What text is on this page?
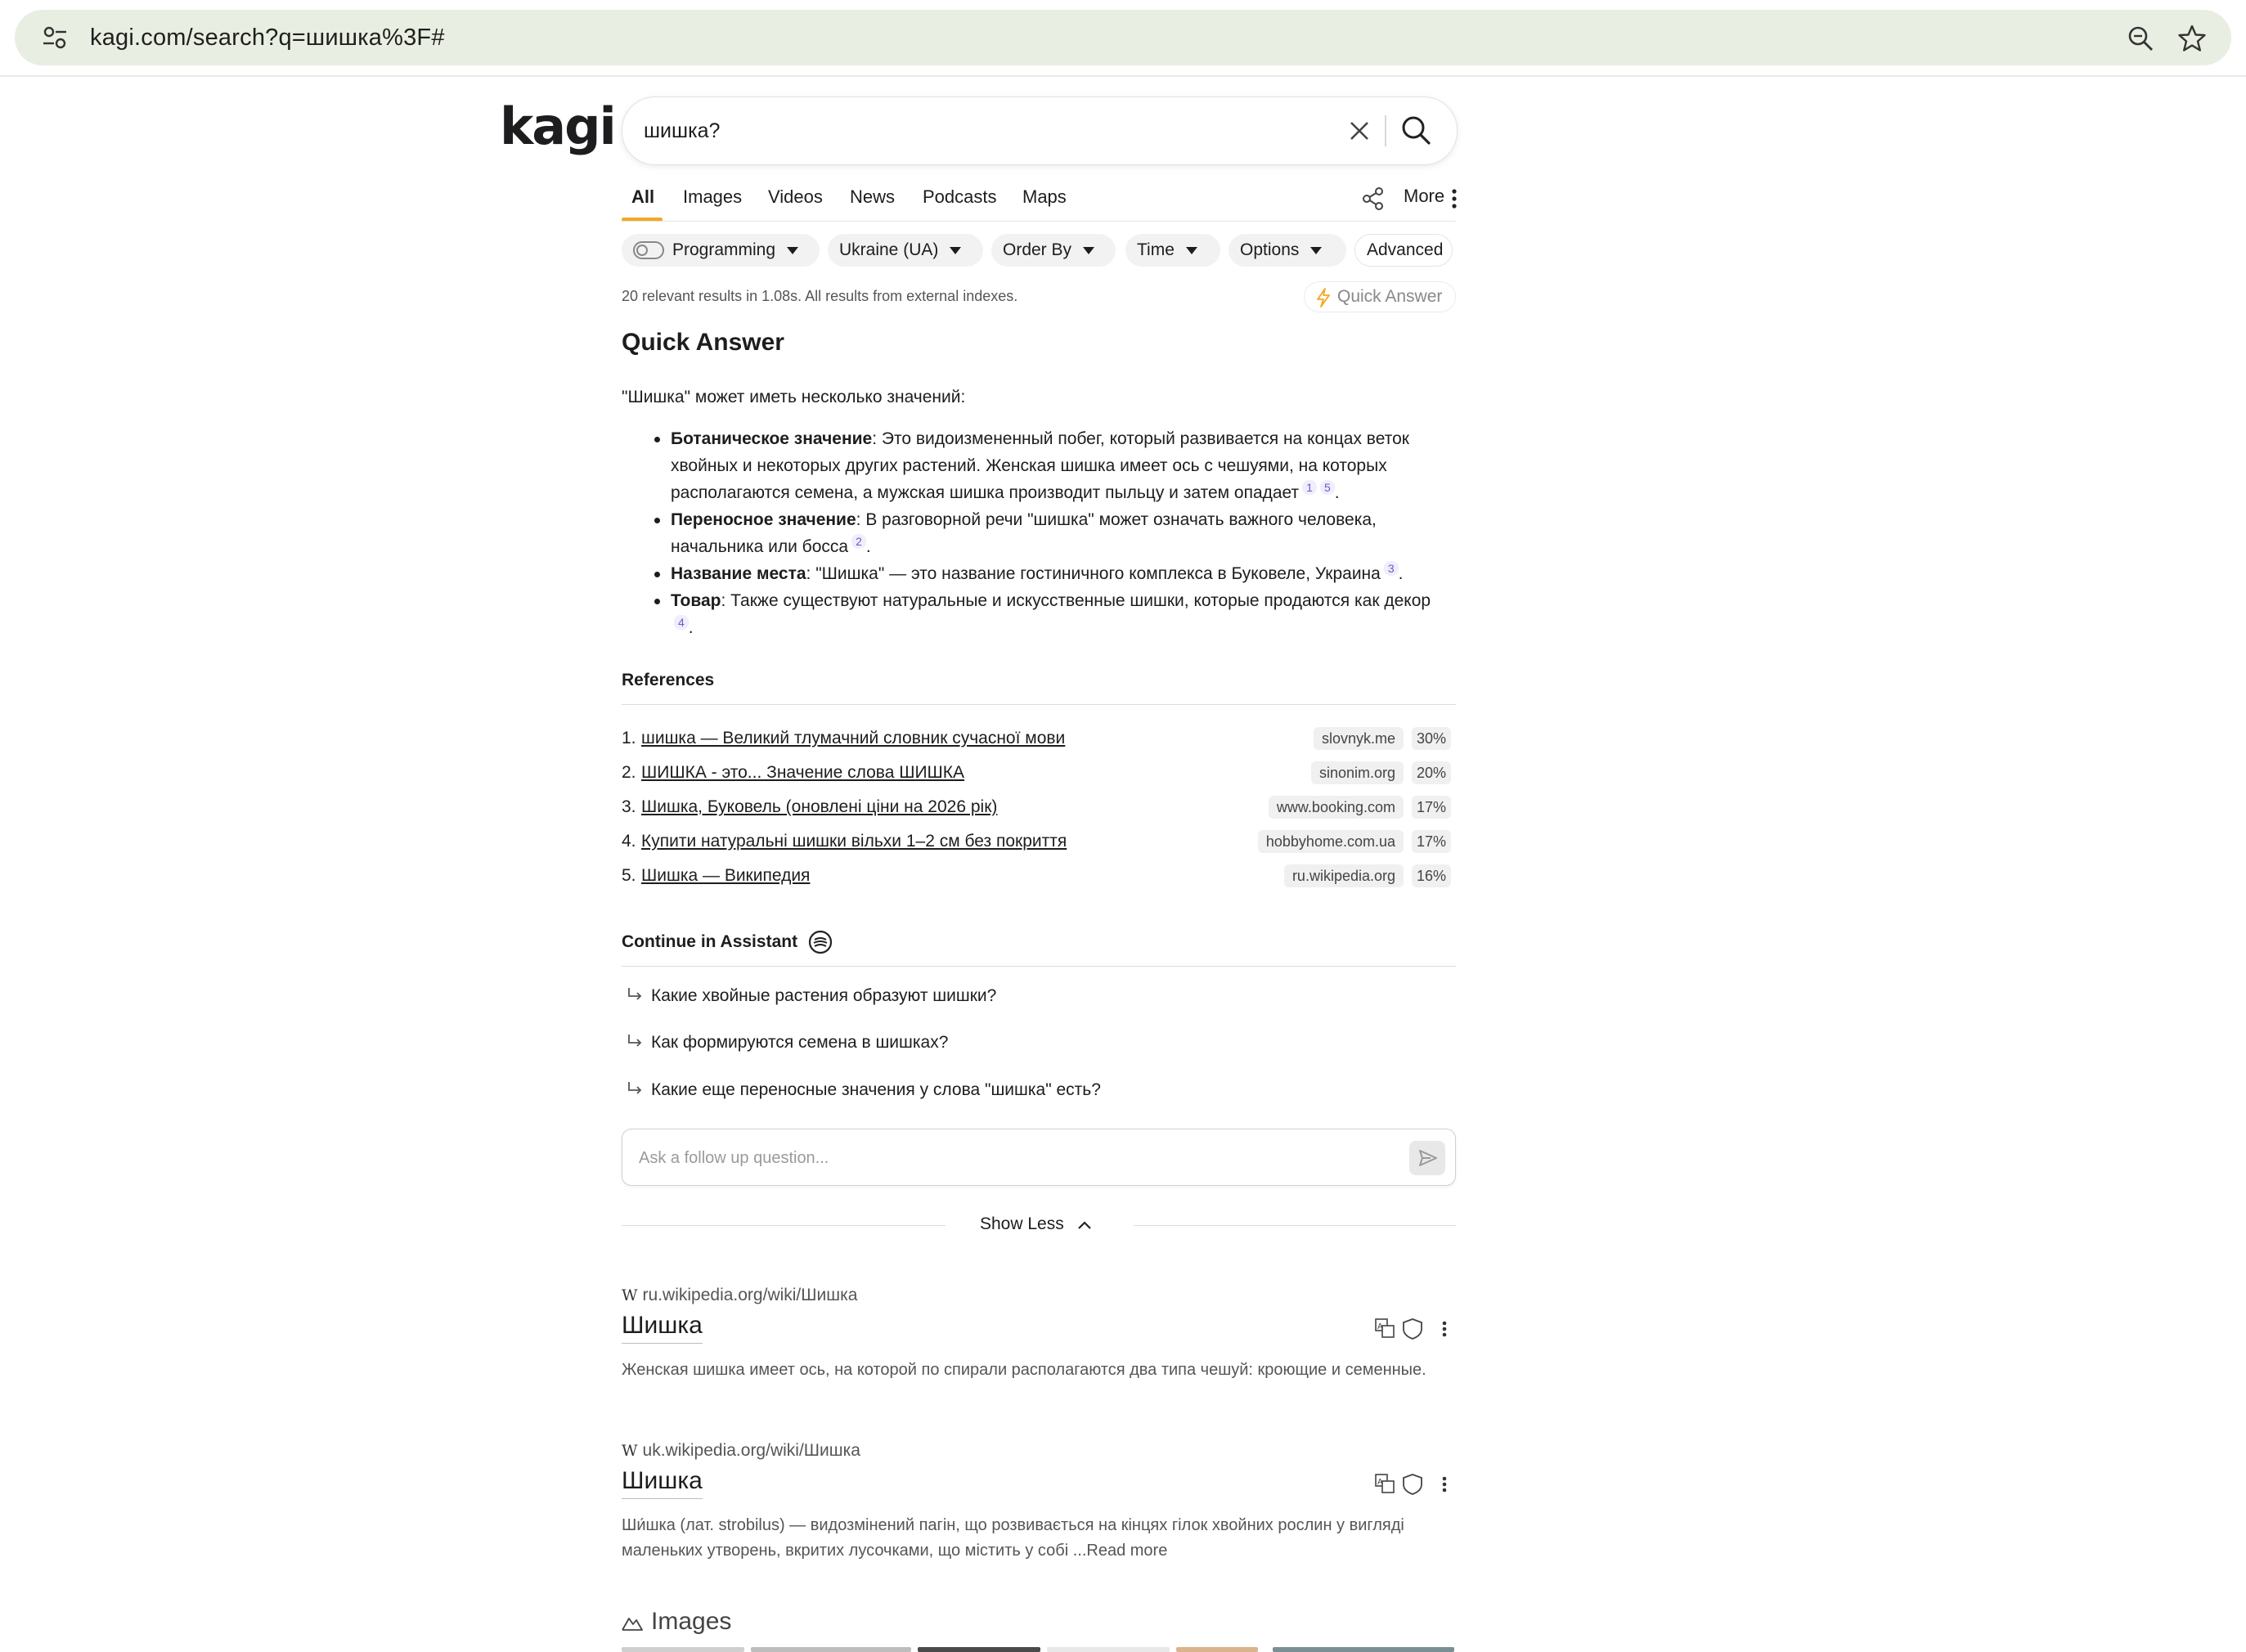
kagi.com/search?q=шишка%3F#
kagi
шишка?
All Images Videos News Podcasts Maps	More
Programming	Ukraine (UA)	Order By	Time	Options	Advanced
20 relevant results in 1.08s. All results from external indexes.	Quick Answer
Quick Answer
"Шишка" может иметь несколько значений:
Ботаническое значение: Это видоизмененный побег, который развивается на концах веток хвойных и некоторых других растений. Женская шишка имеет ось с чешуями, на которых располагаются семена, а мужская шишка производит пыльцу и затем опадает 1 5 .
Переносное значение: В разговорной речи "шишка" может означать важного человека, начальника или босса 2 .
Название места: "Шишка" — это название гостиничного комплекса в Буковеле, Украина 3 .
Товар: Также существуют натуральные и искусственные шишки, которые продаются как декор4 .
References
1. шишка — Великий тлумачний словник сучасної мови	slovnyk.me	30%
2. ШИШКА - это... Значение слова ШИШКА	sinonim.org	20%
3. Шишка, Буковель (оновлені ціни на 2026 рік)	www.booking.com	17%
4. Купити натуральні шишки вільхи 1–2 см без покриття	hobbyhome.com.ua	17%
5. Шишка — Википедия	ru.wikipedia.org	16%
Continue in Assistant
Какие хвойные растения образуют шишки?
Как формируются семена в шишках?
Какие еще переносные значения у слова "шишка" есть?
Ask a follow up question...
Show Less
W ru.wikipedia.org/wiki/Шишка
Шишка	A
Женская шишка имеет ось, на которой по спирали располагаются два типа чешуй: кроющие и семенные.
W uk.wikipedia.org/wiki/Шишка
Шишка	A
Ши́шка (лат. strobilus) — видозмінений пагін, що розвивається на кінцях гілок хвойних рослин у вигляді маленьких утворень, вкритих лусочками, що містить у собі ...Read more
Images
